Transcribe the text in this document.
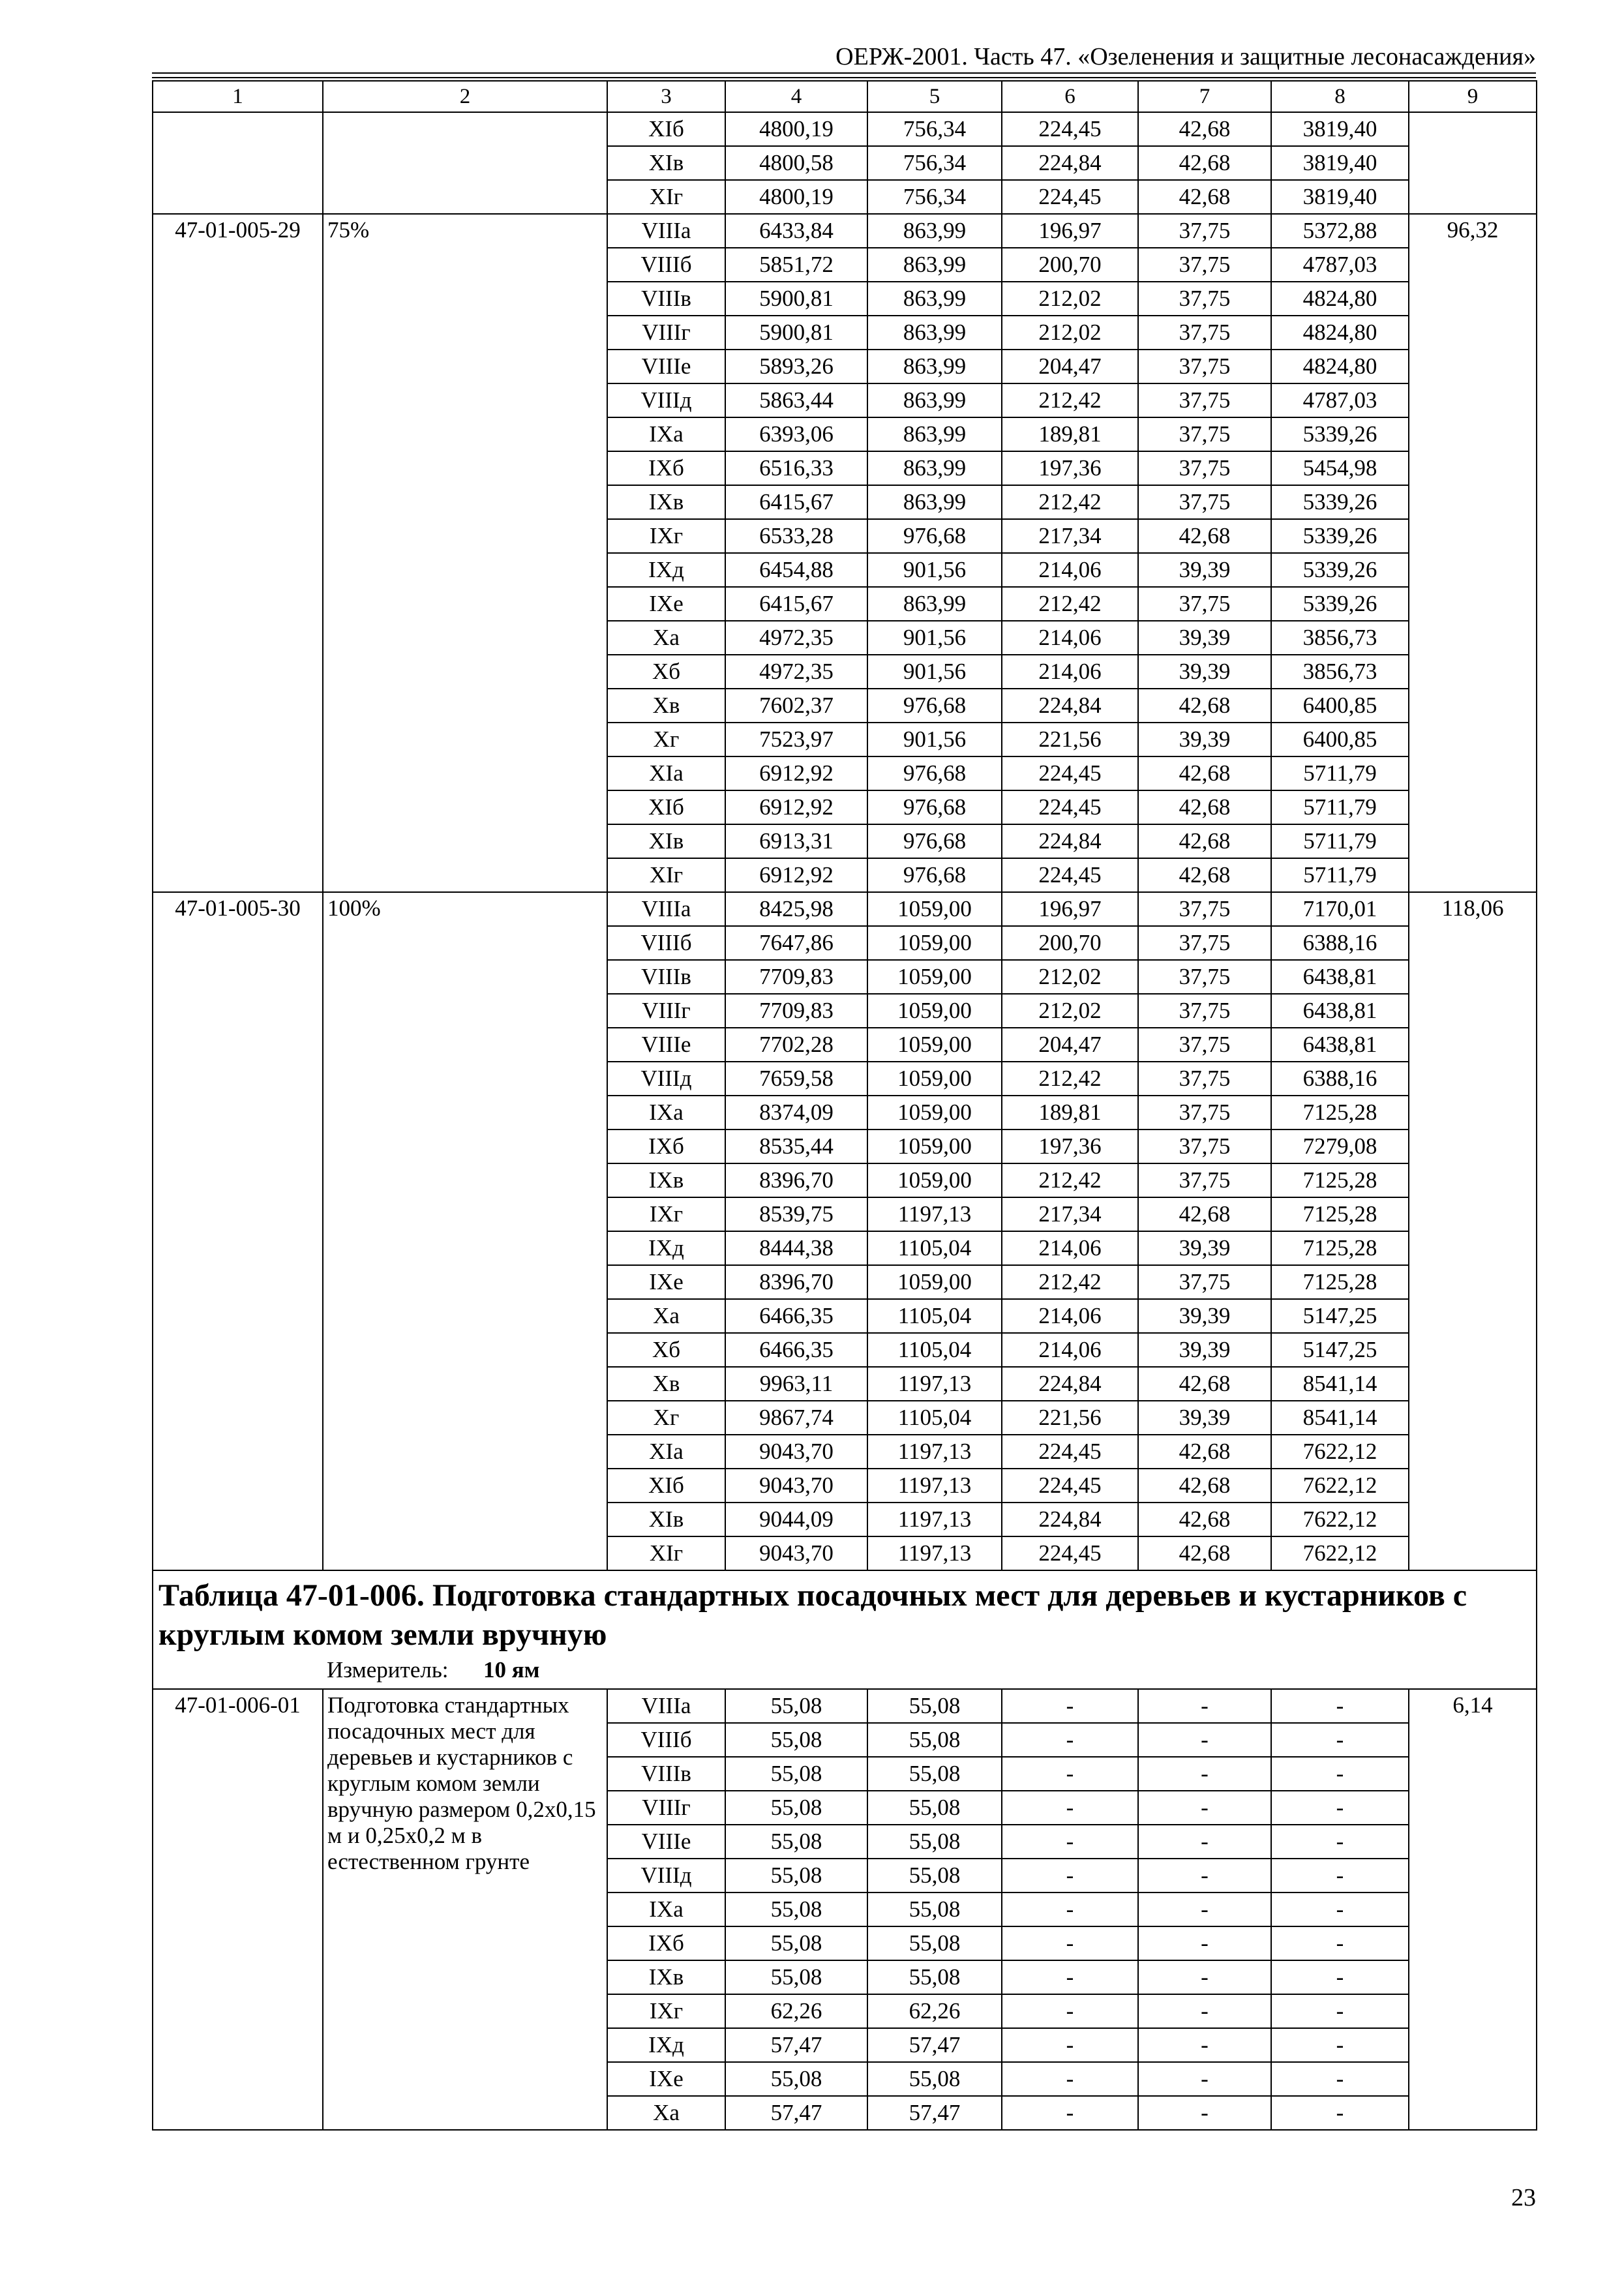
ОЕРЖ-2001. Часть 47. «Озеленения и защитные лесонасаждения»
1	2	3	4	5	6	7	8	9
		XIб	4800,19	756,34	224,45	42,68	3819,40	
		XIв	4800,58	756,34	224,84	42,68	3819,40	
		XIг	4800,19	756,34	224,45	42,68	3819,40	
47-01-005-29	75%	VIIIа	6433,84	863,99	196,97	37,75	5372,88	96,32
		VIIIб	5851,72	863,99	200,70	37,75	4787,03	
		VIIIв	5900,81	863,99	212,02	37,75	4824,80	
		VIIIг	5900,81	863,99	212,02	37,75	4824,80	
		VIIIе	5893,26	863,99	204,47	37,75	4824,80	
		VIIIд	5863,44	863,99	212,42	37,75	4787,03	
		IXа	6393,06	863,99	189,81	37,75	5339,26	
		IXб	6516,33	863,99	197,36	37,75	5454,98	
		IXв	6415,67	863,99	212,42	37,75	5339,26	
		IXг	6533,28	976,68	217,34	42,68	5339,26	
		IXд	6454,88	901,56	214,06	39,39	5339,26	
		IXе	6415,67	863,99	212,42	37,75	5339,26	
		Xа	4972,35	901,56	214,06	39,39	3856,73	
		Xб	4972,35	901,56	214,06	39,39	3856,73	
		Xв	7602,37	976,68	224,84	42,68	6400,85	
		Xг	7523,97	901,56	221,56	39,39	6400,85	
		XIа	6912,92	976,68	224,45	42,68	5711,79	
		XIб	6912,92	976,68	224,45	42,68	5711,79	
		XIв	6913,31	976,68	224,84	42,68	5711,79	
		XIг	6912,92	976,68	224,45	42,68	5711,79	
47-01-005-30	100%	VIIIа	8425,98	1059,00	196,97	37,75	7170,01	118,06
		VIIIб	7647,86	1059,00	200,70	37,75	6388,16	
		VIIIв	7709,83	1059,00	212,02	37,75	6438,81	
		VIIIг	7709,83	1059,00	212,02	37,75	6438,81	
		VIIIе	7702,28	1059,00	204,47	37,75	6438,81	
		VIIIд	7659,58	1059,00	212,42	37,75	6388,16	
		IXа	8374,09	1059,00	189,81	37,75	7125,28	
		IXб	8535,44	1059,00	197,36	37,75	7279,08	
		IXв	8396,70	1059,00	212,42	37,75	7125,28	
		IXг	8539,75	1197,13	217,34	42,68	7125,28	
		IXд	8444,38	1105,04	214,06	39,39	7125,28	
		IXе	8396,70	1059,00	212,42	37,75	7125,28	
		Xа	6466,35	1105,04	214,06	39,39	5147,25	
		Xб	6466,35	1105,04	214,06	39,39	5147,25	
		Xв	9963,11	1197,13	224,84	42,68	8541,14	
		Xг	9867,74	1105,04	221,56	39,39	8541,14	
		XIа	9043,70	1197,13	224,45	42,68	7622,12	
		XIб	9043,70	1197,13	224,45	42,68	7622,12	
		XIв	9044,09	1197,13	224,84	42,68	7622,12	
		XIг	9043,70	1197,13	224,45	42,68	7622,12	

Таблица 47-01-006. Подготовка стандартных посадочных мест для деревьев и кустарников с круглым комом земли вручную
Измеритель: 10 ям								

47-01-006-01	Подготовка стандартных посадочных мест для деревьев и кустарников с круглым комом земли вручную размером 0,2х0,15 м и 0,25х0,2 м в естественном грунте	VIIIа	55,08	55,08	-	-	-	6,14
		VIIIб	55,08	55,08	-	-	-	
		VIIIв	55,08	55,08	-	-	-	
		VIIIг	55,08	55,08	-	-	-	
		VIIIе	55,08	55,08	-	-	-	
		VIIIд	55,08	55,08	-	-	-	
		IXа	55,08	55,08	-	-	-	
		IXб	55,08	55,08	-	-	-	
		IXв	55,08	55,08	-	-	-	
		IXг	62,26	62,26	-	-	-	
		IXд	57,47	57,47	-	-	-	
		IXе	55,08	55,08	-	-	-	
		Xа	57,47	57,47	-	-	-	
23
